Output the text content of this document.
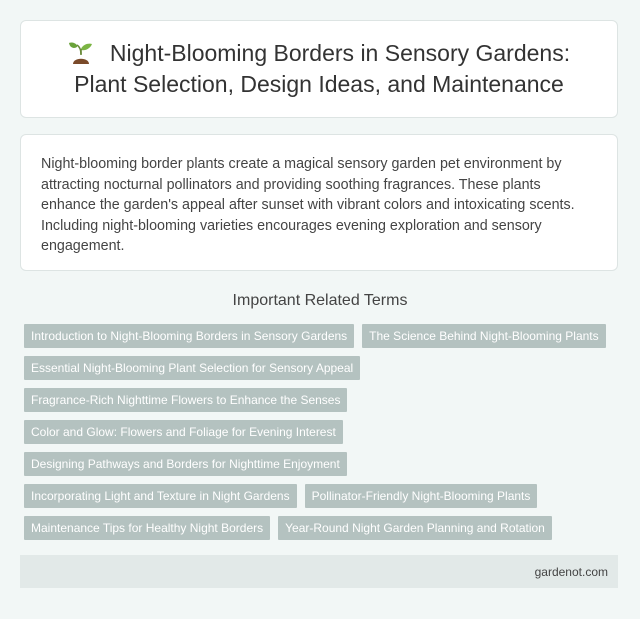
Night-Blooming Borders in Sensory Gardens: Plant Selection, Design Ideas, and Maintenance

Night-blooming border plants create a magical sensory garden pet environment by attracting nocturnal pollinators and providing soothing fragrances. These plants enhance the garden's appeal after sunset with vibrant colors and intoxicating scents. Including night-blooming varieties encourages evening exploration and sensory engagement.

Important Related Terms
Introduction to Night-Blooming Borders in Sensory Gardens	The Science Behind Night-Blooming Plants
Essential Night-Blooming Plant Selection for Sensory Appeal
Fragrance-Rich Nighttime Flowers to Enhance the Senses
Color and Glow: Flowers and Foliage for Evening Interest
Designing Pathways and Borders for Nighttime Enjoyment
Incorporating Light and Texture in Night Gardens	Pollinator-Friendly Night-Blooming Plants
Maintenance Tips for Healthy Night Borders	Year-Round Night Garden Planning and Rotation
gardenot.com
